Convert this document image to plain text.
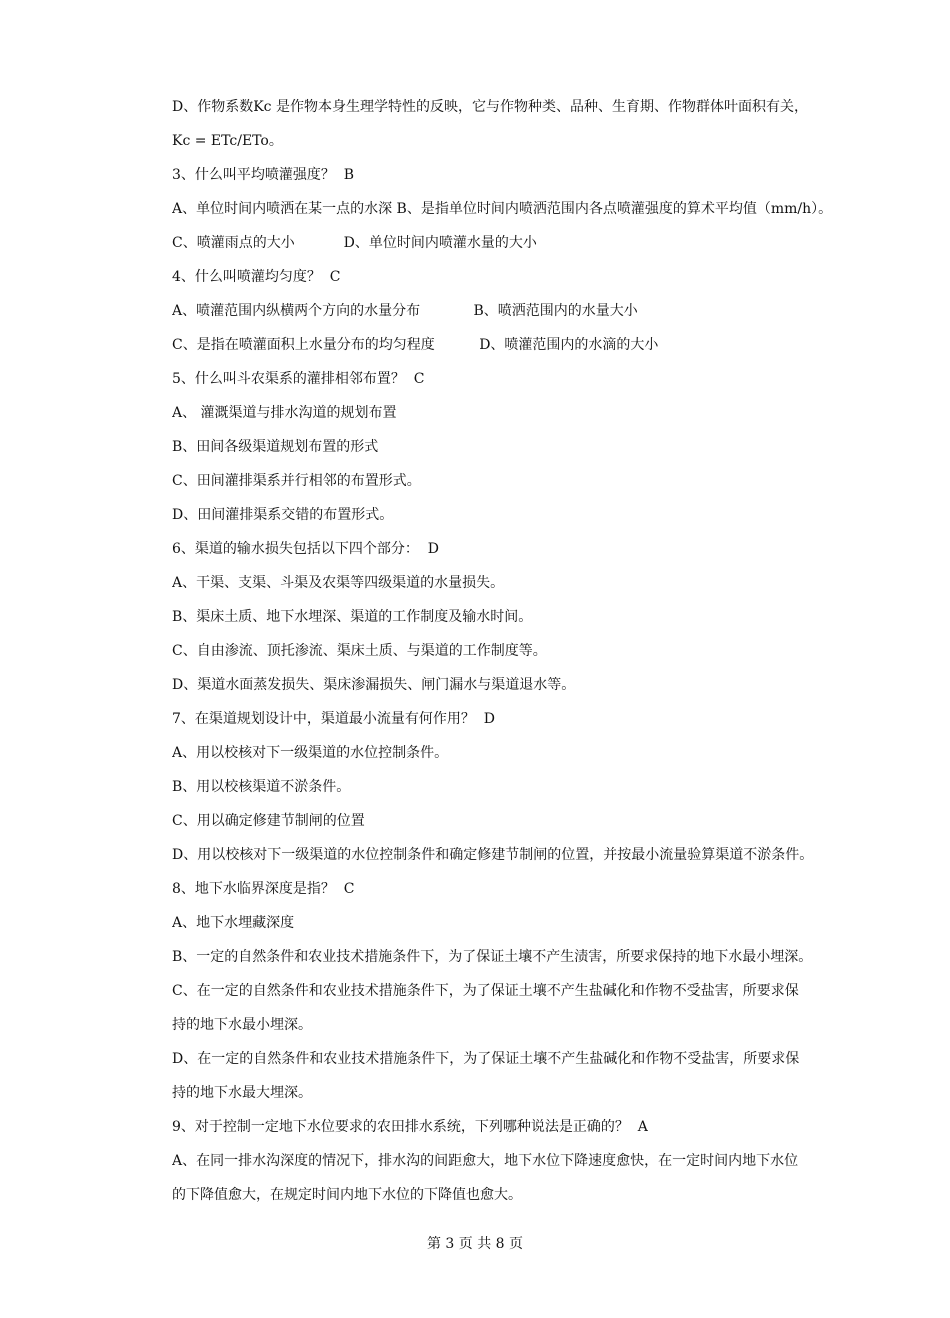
D、作物系数Kc 是作物本身生理学特性的反映，它与作物种类、品种、生育期、作物群体叶面积有关，
Kc = ETc/ETo。
3、什么叫平均喷灌强度？  B
A、单位时间内喷洒在某一点的水深 B、是指单位时间内喷洒范围内各点喷灌强度的算术平均值（mm/h）。
C、喷灌雨点的大小           D、单位时间内喷灌水量的大小
4、什么叫喷灌均匀度？  C
A、喷灌范围内纵横两个方向的水量分布            B、喷洒范围内的水量大小
C、是指在喷灌面积上水量分布的均匀程度          D、喷灌范围内的水滴的大小
5、什么叫斗农渠系的灌排相邻布置？  C
A、 灌溉渠道与排水沟道的规划布置
B、田间各级渠道规划布置的形式
C、田间灌排渠系并行相邻的布置形式。
D、田间灌排渠系交错的布置形式。
6、渠道的输水损失包括以下四个部分：  D
A、干渠、支渠、斗渠及农渠等四级渠道的水量损失。
B、渠床土质、地下水埋深、渠道的工作制度及输水时间。
C、自由渗流、顶托渗流、渠床土质、与渠道的工作制度等。
D、渠道水面蒸发损失、渠床渗漏损失、闸门漏水与渠道退水等。
7、在渠道规划设计中，渠道最小流量有何作用？  D
A、用以校核对下一级渠道的水位控制条件。
B、用以校核渠道不淤条件。
C、用以确定修建节制闸的位置
D、用以校核对下一级渠道的水位控制条件和确定修建节制闸的位置，并按最小流量验算渠道不淤条件。
8、地下水临界深度是指？  C
A、地下水埋藏深度
B、一定的自然条件和农业技术措施条件下，为了保证土壤不产生渍害，所要求保持的地下水最小埋深。
C、在一定的自然条件和农业技术措施条件下，为了保证土壤不产生盐碱化和作物不受盐害，所要求保
持的地下水最小埋深。
D、在一定的自然条件和农业技术措施条件下，为了保证土壤不产生盐碱化和作物不受盐害，所要求保
持的地下水最大埋深。
9、对于控制一定地下水位要求的农田排水系统，下列哪种说法是正确的？  A
A、在同一排水沟深度的情况下，排水沟的间距愈大，地下水位下降速度愈快，在一定时间内地下水位
的下降值愈大，在规定时间内地下水位的下降值也愈大。
第 3 页 共 8 页
